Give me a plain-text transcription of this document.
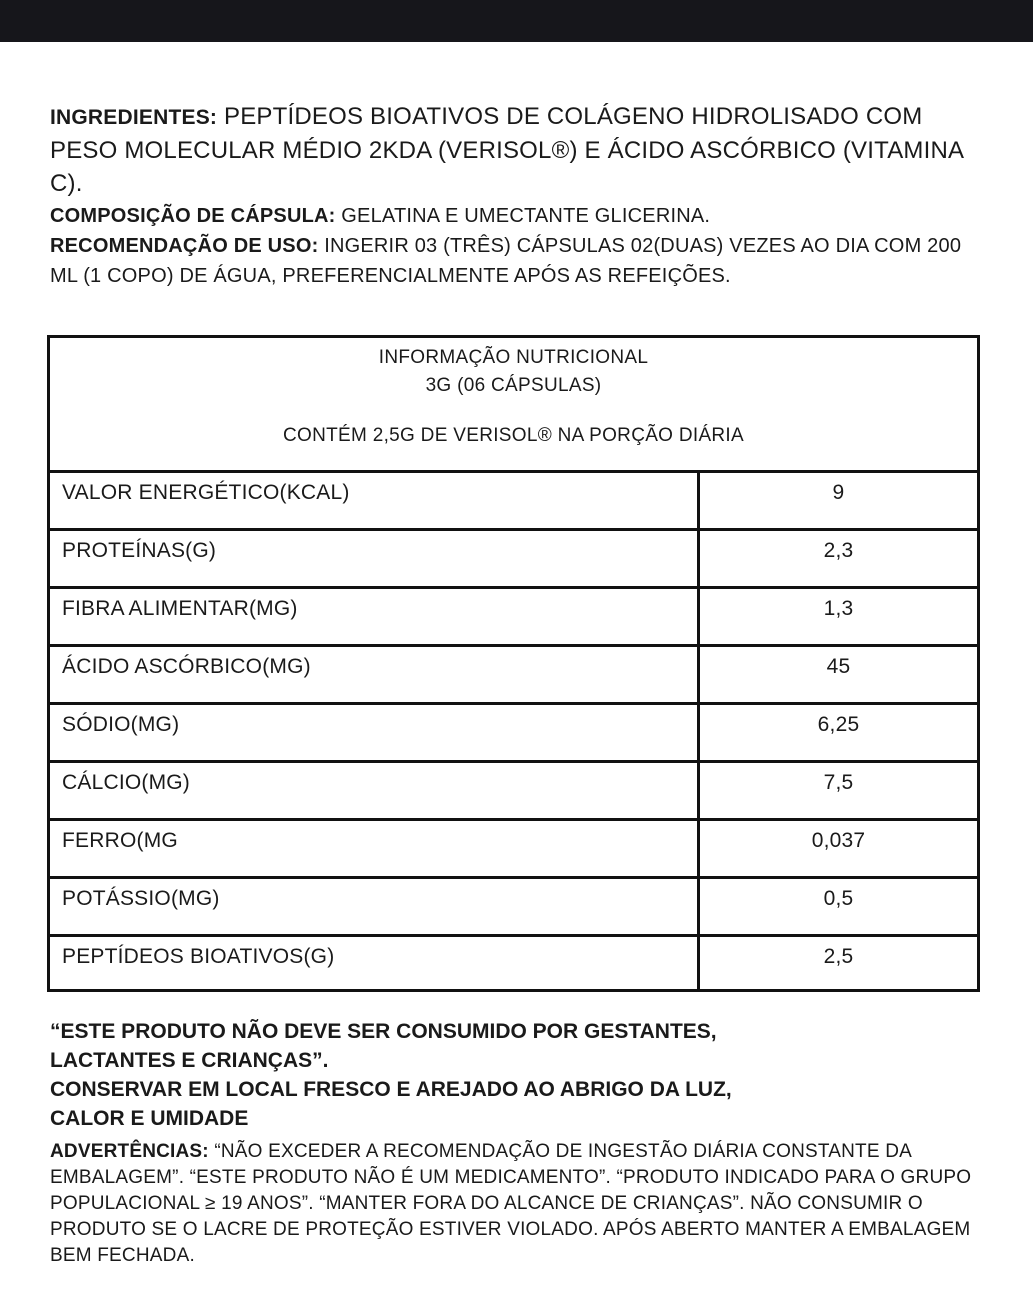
INGREDIENTES: PEPTÍDEOS BIOATIVOS DE COLÁGENO HIDROLISADO COM PESO MOLECULAR MÉDIO 2KDA (VERISOL®) E ÁCIDO ASCÓRBICO (VITAMINA C).
COMPOSIÇÃO DE CÁPSULA: GELATINA E UMECTANTE GLICERINA.
RECOMENDAÇÃO DE USO: INGERIR 03 (TRÊS) CÁPSULAS 02(DUAS) VEZES AO DIA COM 200 ML (1 COPO) DE ÁGUA, PREFERENCIALMENTE APÓS AS REFEIÇÕES.
INFORMAÇÃO NUTRICIONAL
3G (06 CÁPSULAS)
CONTÉM 2,5G DE VERISOL® NA PORÇÃO DIÁRIA
VALOR ENERGÉTICO(KCAL)	9
PROTEÍNAS(G)	2,3
FIBRA ALIMENTAR(MG)	1,3
ÁCIDO ASCÓRBICO(MG)	45
SÓDIO(MG)	6,25
CÁLCIO(MG)	7,5
FERRO(MG	0,037
POTÁSSIO(MG)	0,5
PEPTÍDEOS BIOATIVOS(G)	2,5
“ESTE PRODUTO NÃO DEVE SER CONSUMIDO POR GESTANTES,
LACTANTES E CRIANÇAS”.
CONSERVAR EM LOCAL FRESCO E AREJADO AO ABRIGO DA LUZ,
CALOR E UMIDADE
ADVERTÊNCIAS: “NÃO EXCEDER A RECOMENDAÇÃO DE INGESTÃO DIÁRIA CONSTANTE DA EMBALAGEM”. “ESTE PRODUTO NÃO É UM MEDICAMENTO”. “PRODUTO INDICADO PARA O GRUPO POPULACIONAL ≥ 19 ANOS”. “MANTER FORA DO ALCANCE DE CRIANÇAS”. NÃO CONSUMIR O PRODUTO SE O LACRE DE PROTEÇÃO ESTIVER VIOLADO. APÓS ABERTO MANTER A EMBALAGEM BEM FECHADA.
